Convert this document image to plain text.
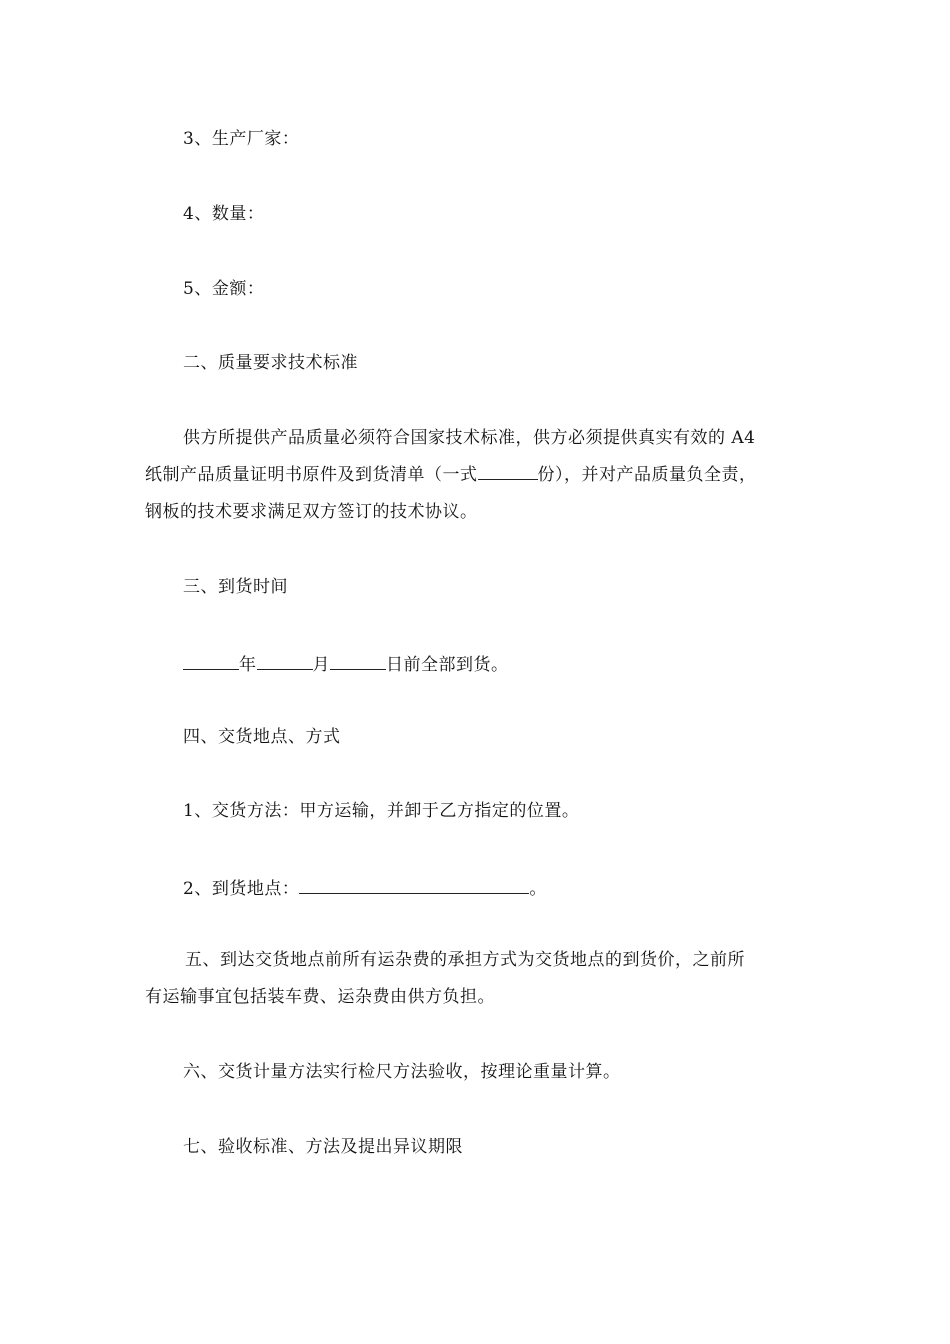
3、生产厂家：
4、数量：
5、金额：
二、质量要求技术标准
供方所提供产品质量必须符合国家技术标准，供方必须提供真实有效的 A4
纸制产品质量证明书原件及到货清单（一式	份），并对产品质量负全责，
钢板的技术要求满足双方签订的技术协议。
三、到货时间
年	月	日前全部到货。
四、交货地点、方式
1、交货方法：甲方运输，并卸于乙方指定的位置。
2、到货地点：	。
五、到达交货地点前所有运杂费的承担方式为交货地点的到货价，之前所
有运输事宜包括装车费、运杂费由供方负担。
六、交货计量方法实行检尺方法验收，按理论重量计算。
七、验收标准、方法及提出异议期限
